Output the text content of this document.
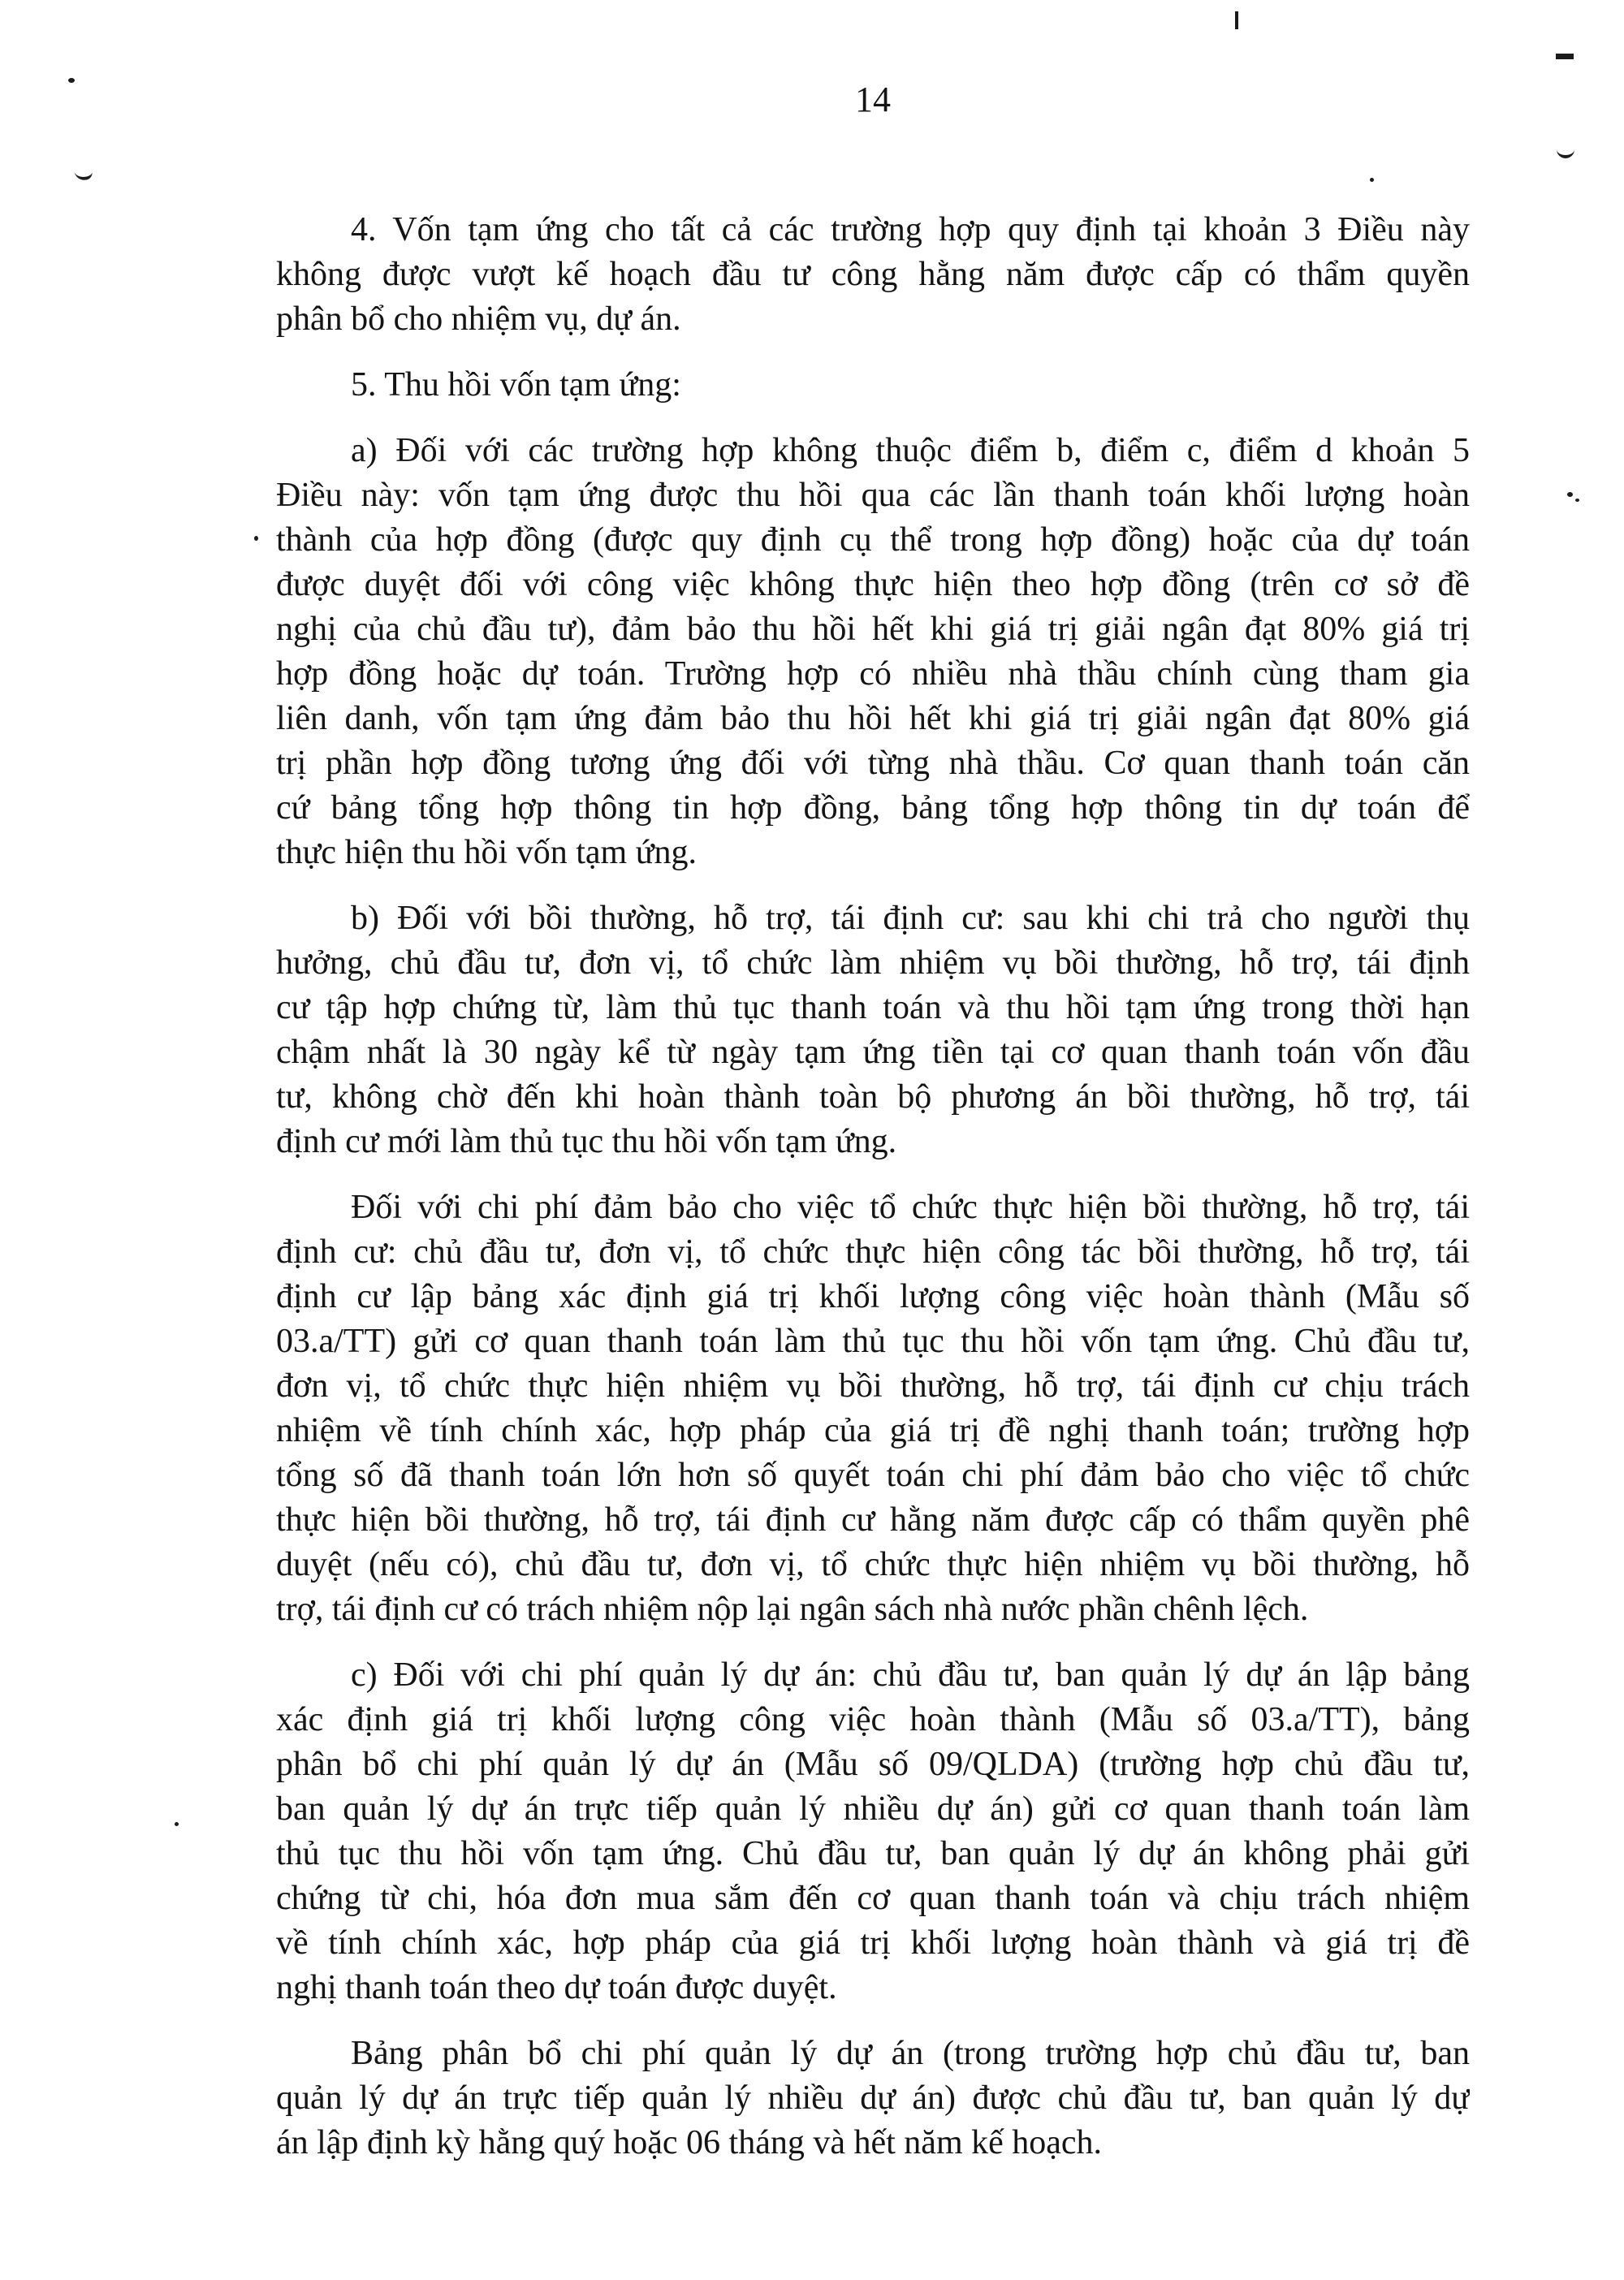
14
4. Vốn tạm ứng cho tất cả các trường hợp quy định tại khoản 3 Điều này
không được vượt kế hoạch đầu tư công hằng năm được cấp có thẩm quyền
phân bổ cho nhiệm vụ, dự án.
5. Thu hồi vốn tạm ứng:
a) Đối với các trường hợp không thuộc điểm b, điểm c, điểm d khoản 5
Điều này: vốn tạm ứng được thu hồi qua các lần thanh toán khối lượng hoàn
thành của hợp đồng (được quy định cụ thể trong hợp đồng) hoặc của dự toán
được duyệt đối với công việc không thực hiện theo hợp đồng (trên cơ sở đề
nghị của chủ đầu tư), đảm bảo thu hồi hết khi giá trị giải ngân đạt 80% giá trị
hợp đồng hoặc dự toán. Trường hợp có nhiều nhà thầu chính cùng tham gia
liên danh, vốn tạm ứng đảm bảo thu hồi hết khi giá trị giải ngân đạt 80% giá
trị phần hợp đồng tương ứng đối với từng nhà thầu. Cơ quan thanh toán căn
cứ bảng tổng hợp thông tin hợp đồng, bảng tổng hợp thông tin dự toán để
thực hiện thu hồi vốn tạm ứng.
b) Đối với bồi thường, hỗ trợ, tái định cư: sau khi chi trả cho người thụ
hưởng, chủ đầu tư, đơn vị, tổ chức làm nhiệm vụ bồi thường, hỗ trợ, tái định
cư tập hợp chứng từ, làm thủ tục thanh toán và thu hồi tạm ứng trong thời hạn
chậm nhất là 30 ngày kể từ ngày tạm ứng tiền tại cơ quan thanh toán vốn đầu
tư, không chờ đến khi hoàn thành toàn bộ phương án bồi thường, hỗ trợ, tái
định cư mới làm thủ tục thu hồi vốn tạm ứng.
Đối với chi phí đảm bảo cho việc tổ chức thực hiện bồi thường, hỗ trợ, tái
định cư: chủ đầu tư, đơn vị, tổ chức thực hiện công tác bồi thường, hỗ trợ, tái
định cư lập bảng xác định giá trị khối lượng công việc hoàn thành (Mẫu số
03.a/TT) gửi cơ quan thanh toán làm thủ tục thu hồi vốn tạm ứng. Chủ đầu tư,
đơn vị, tổ chức thực hiện nhiệm vụ bồi thường, hỗ trợ, tái định cư chịu trách
nhiệm về tính chính xác, hợp pháp của giá trị đề nghị thanh toán; trường hợp
tổng số đã thanh toán lớn hơn số quyết toán chi phí đảm bảo cho việc tổ chức
thực hiện bồi thường, hỗ trợ, tái định cư hằng năm được cấp có thẩm quyền phê
duyệt (nếu có), chủ đầu tư, đơn vị, tổ chức thực hiện nhiệm vụ bồi thường, hỗ
trợ, tái định cư có trách nhiệm nộp lại ngân sách nhà nước phần chênh lệch.
c) Đối với chi phí quản lý dự án: chủ đầu tư, ban quản lý dự án lập bảng
xác định giá trị khối lượng công việc hoàn thành (Mẫu số 03.a/TT), bảng
phân bổ chi phí quản lý dự án (Mẫu số 09/QLDA) (trường hợp chủ đầu tư,
ban quản lý dự án trực tiếp quản lý nhiều dự án) gửi cơ quan thanh toán làm
thủ tục thu hồi vốn tạm ứng. Chủ đầu tư, ban quản lý dự án không phải gửi
chứng từ chi, hóa đơn mua sắm đến cơ quan thanh toán và chịu trách nhiệm
về tính chính xác, hợp pháp của giá trị khối lượng hoàn thành và giá trị đề
nghị thanh toán theo dự toán được duyệt.
Bảng phân bổ chi phí quản lý dự án (trong trường hợp chủ đầu tư, ban
quản lý dự án trực tiếp quản lý nhiều dự án) được chủ đầu tư, ban quản lý dự
án lập định kỳ hằng quý hoặc 06 tháng và hết năm kế hoạch.
